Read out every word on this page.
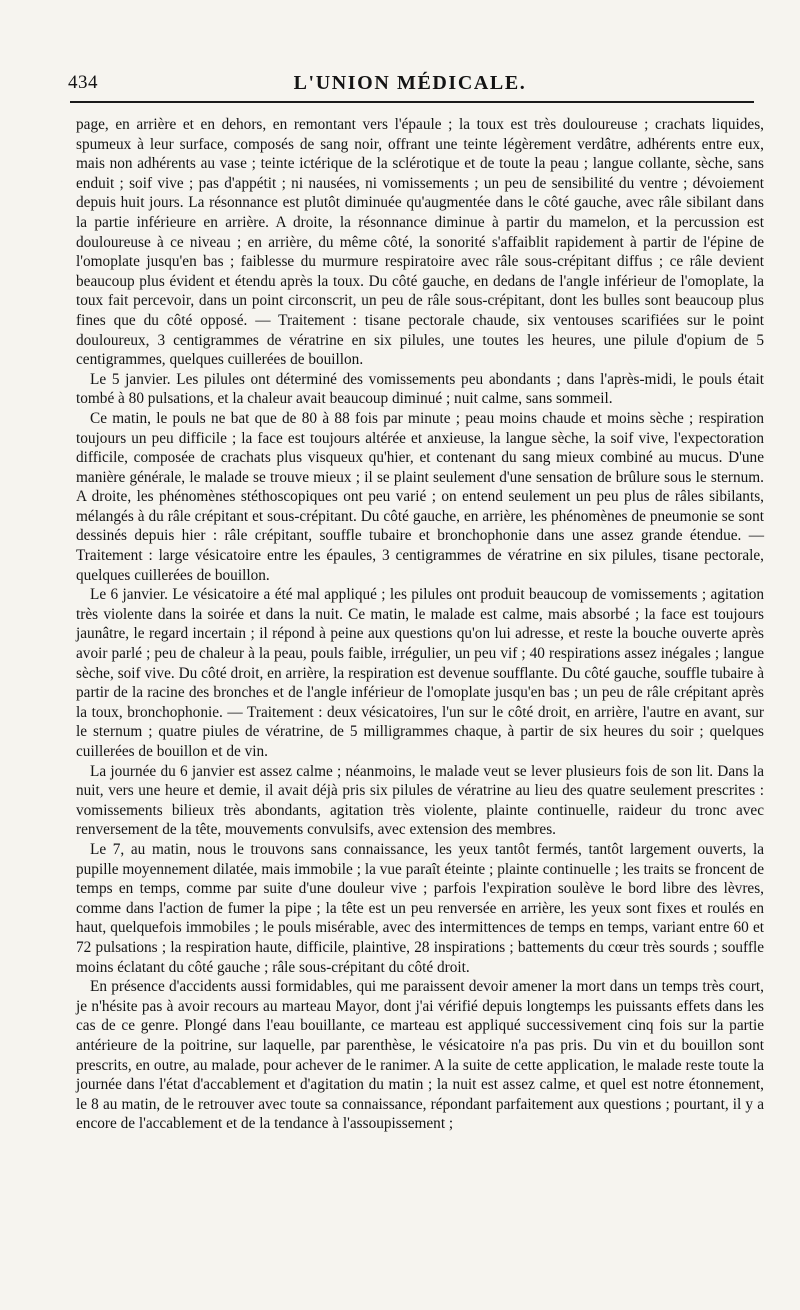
434	L'UNION MÉDICALE.

page, en arrière et en dehors, en remontant vers l'épaule ; la toux est très douloureuse ; crachats liquides, spumeux à leur surface, composés de sang noir, offrant une teinte légèrement verdâtre, adhérents entre eux, mais non adhérents au vase ; teinte ictérique de la sclérotique et de toute la peau ; langue collante, sèche, sans enduit ; soif vive ; pas d'appétit ; ni nausées, ni vomissements ; un peu de sensibilité du ventre ; dévoiement depuis huit jours. La résonnance est plutôt diminuée qu'augmentée dans le côté gauche, avec râle sibilant dans la partie inférieure en arrière. A droite, la résonnance diminue à partir du mamelon, et la percussion est douloureuse à ce niveau ; en arrière, du même côté, la sonorité s'affaiblit rapidement à partir de l'épine de l'omoplate jusqu'en bas ; faiblesse du murmure respiratoire avec râle sous-crépitant diffus ; ce râle devient beaucoup plus évident et étendu après la toux. Du côté gauche, en dedans de l'angle inférieur de l'omoplate, la toux fait percevoir, dans un point circonscrit, un peu de râle sous-crépitant, dont les bulles sont beaucoup plus fines que du côté opposé. — Traitement : tisane pectorale chaude, six ventouses scarifiées sur le point douloureux, 3 centigrammes de vératrine en six pilules, une toutes les heures, une pilule d'opium de 5 centigrammes, quelques cuillerées de bouillon.

Le 5 janvier. Les pilules ont déterminé des vomissements peu abondants ; dans l'après-midi, le pouls était tombé à 80 pulsations, et la chaleur avait beaucoup diminué ; nuit calme, sans sommeil.

Ce matin, le pouls ne bat que de 80 à 88 fois par minute ; peau moins chaude et moins sèche ; respiration toujours un peu difficile ; la face est toujours altérée et anxieuse, la langue sèche, la soif vive, l'expectoration difficile, composée de crachats plus visqueux qu'hier, et contenant du sang mieux combiné au mucus. D'une manière générale, le malade se trouve mieux ; il se plaint seulement d'une sensation de brûlure sous le sternum. A droite, les phénomènes stéthoscopiques ont peu varié ; on entend seulement un peu plus de râles sibilants, mélangés à du râle crépitant et sous-crépitant. Du côté gauche, en arrière, les phénomènes de pneumonie se sont dessinés depuis hier : râle crépitant, souffle tubaire et bronchophonie dans une assez grande étendue. — Traitement : large vésicatoire entre les épaules, 3 centigrammes de vératrine en six pilules, tisane pectorale, quelques cuillerées de bouillon.

Le 6 janvier. Le vésicatoire a été mal appliqué ; les pilules ont produit beaucoup de vomissements ; agitation très violente dans la soirée et dans la nuit. Ce matin, le malade est calme, mais absorbé ; la face est toujours jaunâtre, le regard incertain ; il répond à peine aux questions qu'on lui adresse, et reste la bouche ouverte après avoir parlé ; peu de chaleur à la peau, pouls faible, irrégulier, un peu vif ; 40 respirations assez inégales ; langue sèche, soif vive. Du côté droit, en arrière, la respiration est devenue soufflante. Du côté gauche, souffle tubaire à partir de la racine des bronches et de l'angle inférieur de l'omoplate jusqu'en bas ; un peu de râle crépitant après la toux, bronchophonie. — Traitement : deux vésicatoires, l'un sur le côté droit, en arrière, l'autre en avant, sur le sternum ; quatre piules de vératrine, de 5 milligrammes chaque, à partir de six heures du soir ; quelques cuillerées de bouillon et de vin.

La journée du 6 janvier est assez calme ; néanmoins, le malade veut se lever plusieurs fois de son lit. Dans la nuit, vers une heure et demie, il avait déjà pris six pilules de vératrine au lieu des quatre seulement prescrites : vomissements bilieux très abondants, agitation très violente, plainte continuelle, raideur du tronc avec renversement de la tête, mouvements convulsifs, avec extension des membres.

Le 7, au matin, nous le trouvons sans connaissance, les yeux tantôt fermés, tantôt largement ouverts, la pupille moyennement dilatée, mais immobile ; la vue paraît éteinte ; plainte continuelle ; les traits se froncent de temps en temps, comme par suite d'une douleur vive ; parfois l'expiration soulève le bord libre des lèvres, comme dans l'action de fumer la pipe ; la tête est un peu renversée en arrière, les yeux sont fixes et roulés en haut, quelquefois immobiles ; le pouls misérable, avec des intermittences de temps en temps, variant entre 60 et 72 pulsations ; la respiration haute, difficile, plaintive, 28 inspirations ; battements du cœur très sourds ; souffle moins éclatant du côté gauche ; râle sous-crépitant du côté droit.

En présence d'accidents aussi formidables, qui me paraissent devoir amener la mort dans un temps très court, je n'hésite pas à avoir recours au marteau Mayor, dont j'ai vérifié depuis longtemps les puissants effets dans les cas de ce genre. Plongé dans l'eau bouillante, ce marteau est appliqué successivement cinq fois sur la partie antérieure de la poitrine, sur laquelle, par parenthèse, le vésicatoire n'a pas pris. Du vin et du bouillon sont prescrits, en outre, au malade, pour achever de le ranimer. A la suite de cette application, le malade reste toute la journée dans l'état d'accablement et d'agitation du matin ; la nuit est assez calme, et quel est notre étonnement, le 8 au matin, de le retrouver avec toute sa connaissance, répondant parfaitement aux questions ; pourtant, il y a encore de l'accablement et de la tendance à l'assoupissement ;
